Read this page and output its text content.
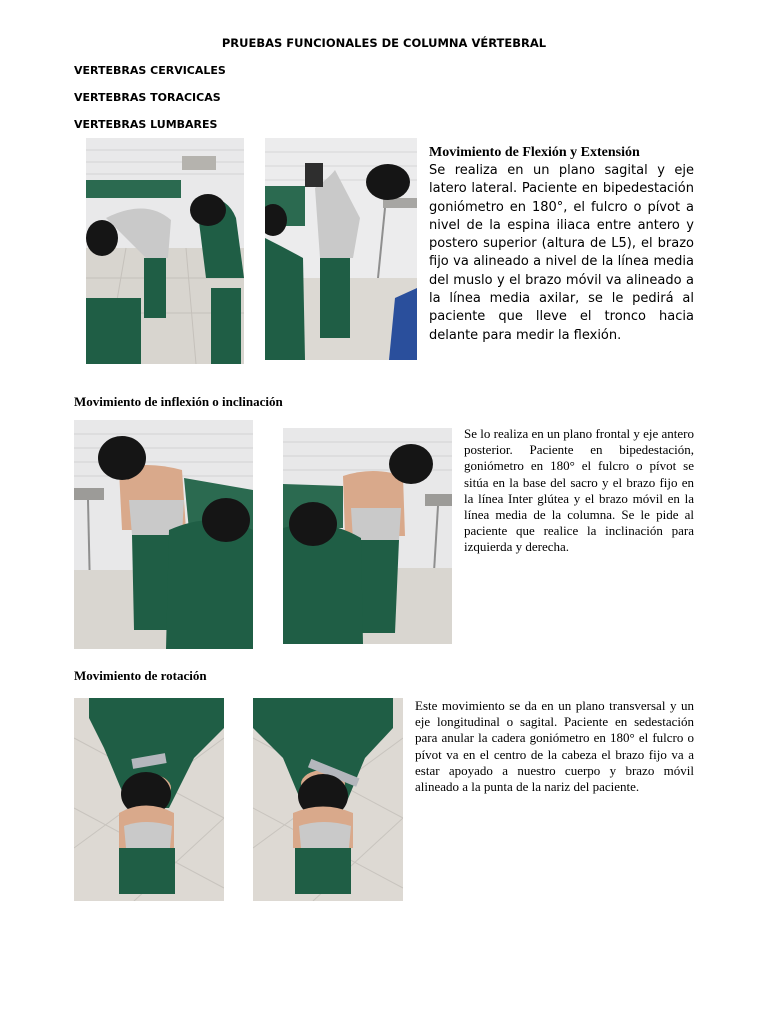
PRUEBAS FUNCIONALES DE COLUMNA VÉRTEBRAL
VERTEBRAS CERVICALES
VERTEBRAS TORACICAS
VERTEBRAS LUMBARES
Movimiento de Flexión y Extensión
Se realiza en un plano sagital y eje latero lateral. Paciente en bipedestación goniómetro en 180°, el fulcro o pívot a nivel de la espina iliaca entre antero y postero superior (altura de L5), el brazo fijo va alineado a nivel de la línea media del muslo y el brazo móvil va alineado a la línea media axilar, se le pedirá al paciente que lleve el tronco hacia delante para medir la flexión.
Movimiento de inflexión o inclinación
Se lo realiza en un plano frontal y eje antero posterior. Paciente en bipedestación, goniómetro en 180° el fulcro o pívot se sitúa en la base del sacro y el brazo fijo en la línea Inter glútea y el brazo móvil en la línea media de la columna. Se le pide al paciente que realice la inclinación para izquierda y derecha.
Movimiento de rotación
Este movimiento se da en un plano transversal y un eje longitudinal o sagital. Paciente en sedestación para anular la cadera goniómetro en 180° el fulcro o pívot va en el centro de la cabeza el brazo fijo va a estar apoyado a nuestro cuerpo y brazo móvil alineado a la punta de la nariz del paciente.
